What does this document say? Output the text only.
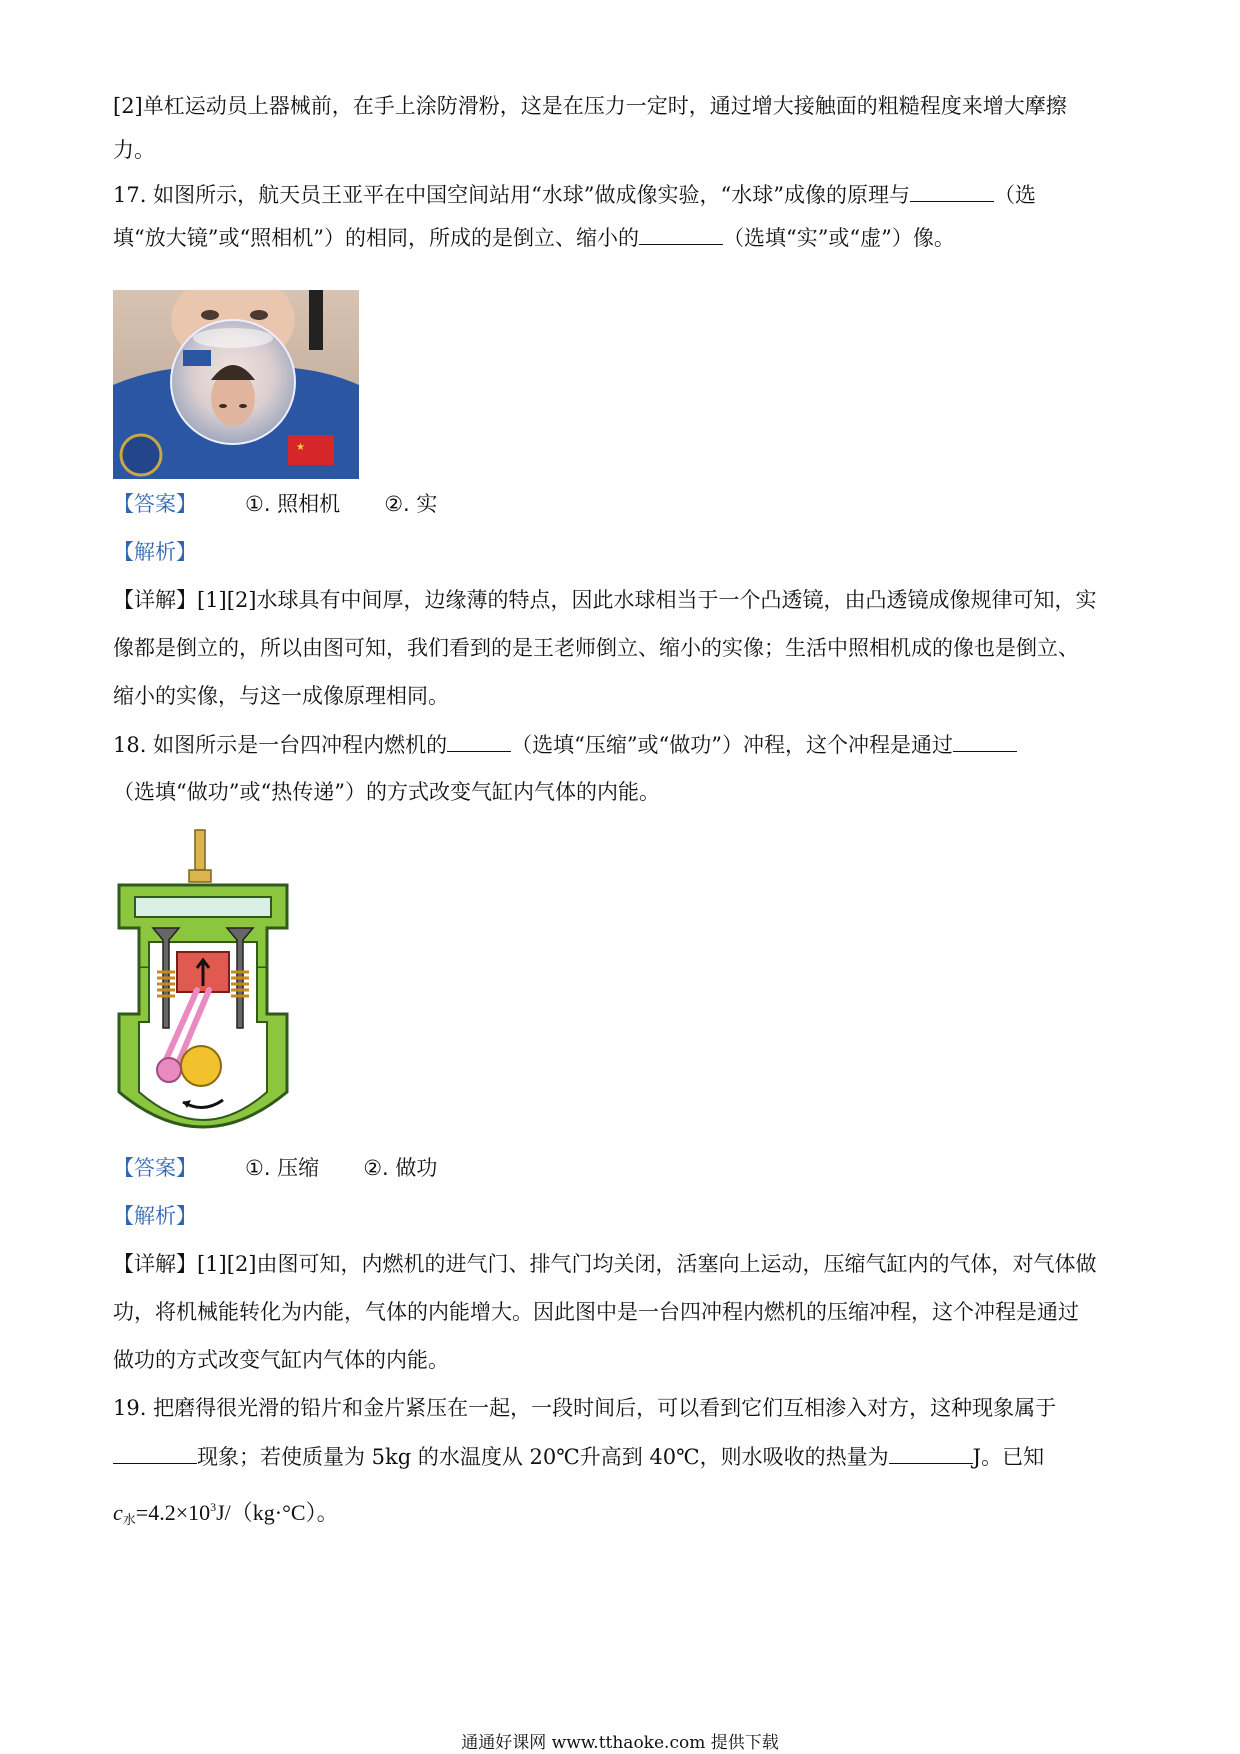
[2]单杠运动员上器械前，在手上涂防滑粉，这是在压力一定时，通过增大接触面的粗糙程度来增大摩擦
力。
17. 如图所示，航天员王亚平在中国空间站用“水球”做成像实验，“水球”成像的原理与	（选
填“放大镜”或“照相机”）的相同，所成的是倒立、缩小的	（选填“实”或“虚”）像。
★
【答案】 ①. 照相机 ②. 实
【解析】
【详解】[1][2]水球具有中间厚，边缘薄的特点，因此水球相当于一个凸透镜，由凸透镜成像规律可知，实
像都是倒立的，所以由图可知，我们看到的是王老师倒立、缩小的实像；生活中照相机成的像也是倒立、
缩小的实像，与这一成像原理相同。
18. 如图所示是一台四冲程内燃机的	（选填“压缩”或“做功”）冲程，这个冲程是通过
（选填“做功”或“热传递”）的方式改变气缸内气体的内能。
【答案】 ①. 压缩 ②. 做功
【解析】
【详解】[1][2]由图可知，内燃机的进气门、排气门均关闭，活塞向上运动，压缩气缸内的气体，对气体做
功，将机械能转化为内能，气体的内能增大。因此图中是一台四冲程内燃机的压缩冲程，这个冲程是通过
做功的方式改变气缸内气体的内能。
19. 把磨得很光滑的铅片和金片紧压在一起，一段时间后，可以看到它们互相渗入对方，这种现象属于
现象；若使质量为 5kg 的水温度从 20℃升高到 40℃，则水吸收的热量为	J。已知
$c_水=4.2\times 10^3J/(kg\cdot^\circ C)$。
通通好课网 www.tthaoke.com 提供下载
